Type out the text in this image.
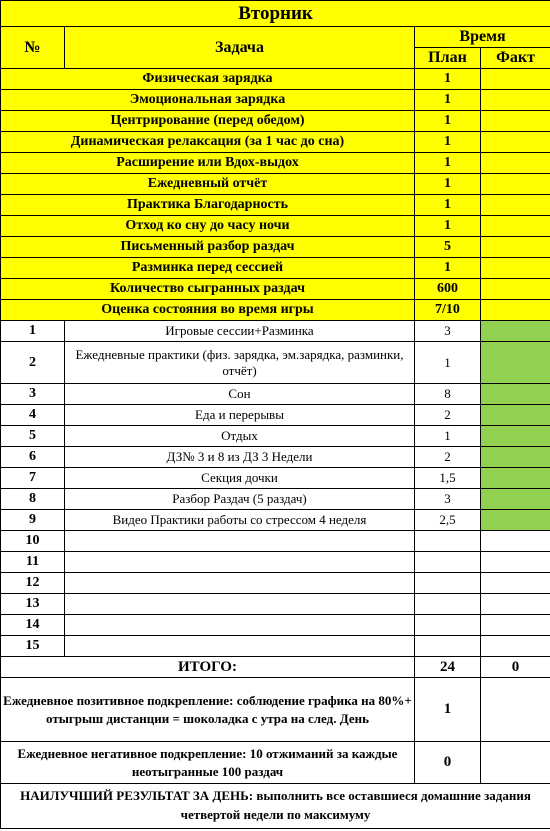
Вторник			
№	Задача	Время	
		План	Факт
Физическая зарядка		1	
Эмоциональная зарядка		1	
Центрирование (перед обедом)		1	
Динамическая релаксация (за 1 час до сна)		1	
Расширение или Вдох-выдох		1	
Ежедневный отчёт		1	
Практика Благодарность		1	
Отход ко сну до часу ночи		1	
Письменный разбор раздач		5	
Разминка перед сессией		1	
Количество сыгранных раздач		600	
Оценка состояния во время игры		7/10	
1	Игровые сессии+Разминка	3	
2	Ежедневные практики (физ. зарядка, эм.зарядка, разминки, отчёт)	1	
3	Сон	8	
4	Еда и перерывы	2	
5	Отдых	1	
6	ДЗ№ 3 и 8 из ДЗ 3 Недели	2	
7	Секция дочки	1,5	
8	Разбор Раздач (5 раздач)	3	
9	Видео Практики работы со стрессом 4 неделя	2,5	
10			
11			
12			
13			
14			
15			
ИТОГО:		24	0
Ежедневное позитивное подкрепление: соблюдение графика на 80%+ отыгрыш дистанции = шоколадка с утра на след. День		1	
Ежедневное негативное подкрепление: 10 отжиманий за каждые неотыгранные 100 раздач		0	
НАИЛУЧШИЙ РЕЗУЛЬТАТ ЗА ДЕНЬ: выполнить все оставшиеся домашние задания четвертой недели по максимуму			
